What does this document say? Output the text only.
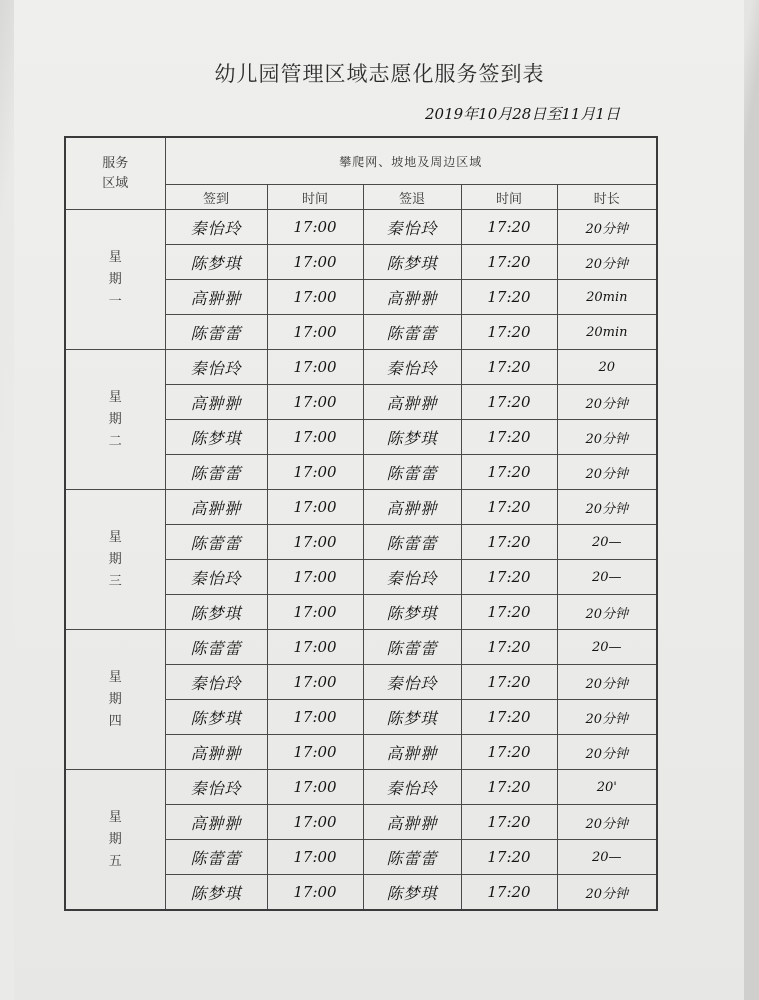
幼儿园管理区域志愿化服务签到表
2019年10月28日至11月1日
服务
区域	攀爬网、坡地及周边区域				
	签到	时间	签退	时间	时长

星
期
一	秦怡玲	17:00	秦怡玲	17:20	20分钟
	陈梦琪	17:00	陈梦琪	17:20	20分钟
	高翀翀	17:00	高翀翀	17:20	20min
	陈蕾蕾	17:00	陈蕾蕾	17:20	20min

星
期
二	秦怡玲	17:00	秦怡玲	17:20	20
	高翀翀	17:00	高翀翀	17:20	20分钟
	陈梦琪	17:00	陈梦琪	17:20	20分钟
	陈蕾蕾	17:00	陈蕾蕾	17:20	20分钟

星
期
三	高翀翀	17:00	高翀翀	17:20	20分钟
	陈蕾蕾	17:00	陈蕾蕾	17:20	20—
	秦怡玲	17:00	秦怡玲	17:20	20—
	陈梦琪	17:00	陈梦琪	17:20	20分钟

星
期
四	陈蕾蕾	17:00	陈蕾蕾	17:20	20—
	秦怡玲	17:00	秦怡玲	17:20	20分钟
	陈梦琪	17:00	陈梦琪	17:20	20分钟
	高翀翀	17:00	高翀翀	17:20	20分钟

星
期
五	秦怡玲	17:00	秦怡玲	17:20	20'
	高翀翀	17:00	高翀翀	17:20	20分钟
	陈蕾蕾	17:00	陈蕾蕾	17:20	20—
	陈梦琪	17:00	陈梦琪	17:20	20分钟
